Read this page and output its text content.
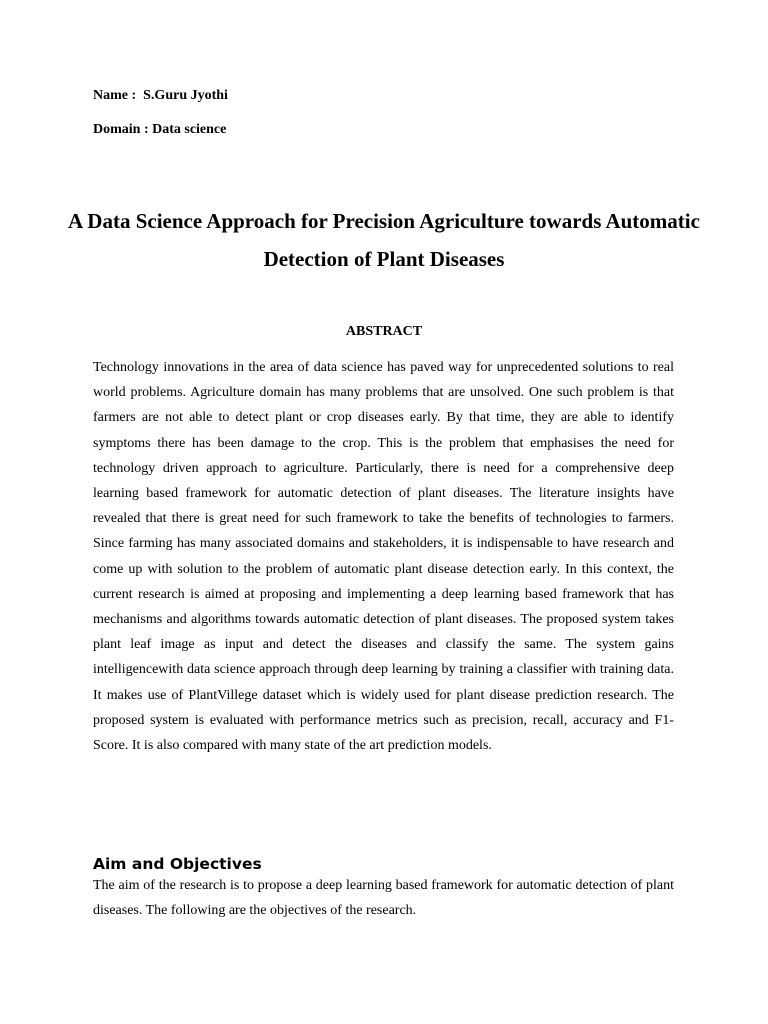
Name :  S.Guru Jyothi
Domain : Data science
A Data Science Approach for Precision Agriculture towards Automatic Detection of Plant Diseases
ABSTRACT
Technology innovations in the area of data science has paved way for unprecedented solutions to real world problems. Agriculture domain has many problems that are unsolved. One such problem is that farmers are not able to detect plant or crop diseases early. By that time, they are able to identify symptoms there has been damage to the crop. This is the problem that emphasises the need for technology driven approach to agriculture. Particularly, there is need for a comprehensive deep learning based framework for automatic detection of plant diseases. The literature insights have revealed that there is great need for such framework to take the benefits of technologies to farmers. Since farming has many associated domains and stakeholders, it is indispensable to have research and come up with solution to the problem of automatic plant disease detection early. In this context, the current research is aimed at proposing and implementing a deep learning based framework that has mechanisms and algorithms towards automatic detection of plant diseases. The proposed system takes plant leaf image as input and detect the diseases and classify the same. The system gains intelligencewith data science approach through deep learning by training a classifier with training data. It makes use of PlantVillege dataset which is widely used for plant disease prediction research. The proposed system is evaluated with performance metrics such as precision, recall, accuracy and F1-Score. It is also compared with many state of the art prediction models.
Aim and Objectives
The aim of the research is to propose a deep learning based framework for automatic detection of plant diseases. The following are the objectives of the research.
